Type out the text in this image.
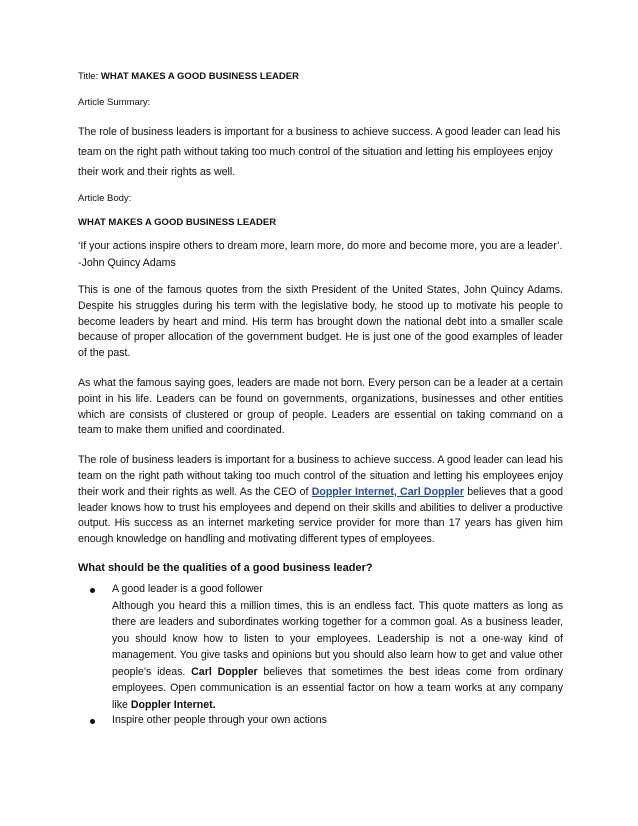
Title: WHAT MAKES A GOOD BUSINESS LEADER
Article Summary:
The role of business leaders is important for a business to achieve success. A good leader can lead his team on the right path without taking too much control of the situation and letting his employees enjoy their work and their rights as well.
Article Body:
WHAT MAKES A GOOD BUSINESS LEADER
‘If your actions inspire others to dream more, learn more, do more and become more, you are a leader’. -John Quincy Adams
This is one of the famous quotes from the sixth President of the United States, John Quincy Adams. Despite his struggles during his term with the legislative body, he stood up to motivate his people to become leaders by heart and mind. His term has brought down the national debt into a smaller scale because of proper allocation of the government budget. He is just one of the good examples of leader of the past.
As what the famous saying goes, leaders are made not born. Every person can be a leader at a certain point in his life. Leaders can be found on governments, organizations, businesses and other entities which are consists of clustered or group of people. Leaders are essential on taking command on a team to make them unified and coordinated.
The role of business leaders is important for a business to achieve success. A good leader can lead his team on the right path without taking too much control of the situation and letting his employees enjoy their work and their rights as well. As the CEO of Doppler Internet, Carl Doppler believes that a good leader knows how to trust his employees and depend on their skills and abilities to deliver a productive output. His success as an internet marketing service provider for more than 17 years has given him enough knowledge on handling and motivating different types of employees.
What should be the qualities of a good business leader?
A good leader is a good follower
Although you heard this a million times, this is an endless fact. This quote matters as long as there are leaders and subordinates working together for a common goal. As a business leader, you should know how to listen to your employees. Leadership is not a one-way kind of management. You give tasks and opinions but you should also learn how to get and value other people’s ideas. Carl Doppler believes that sometimes the best ideas come from ordinary employees. Open communication is an essential factor on how a team works at any company like Doppler Internet.
Inspire other people through your own actions
